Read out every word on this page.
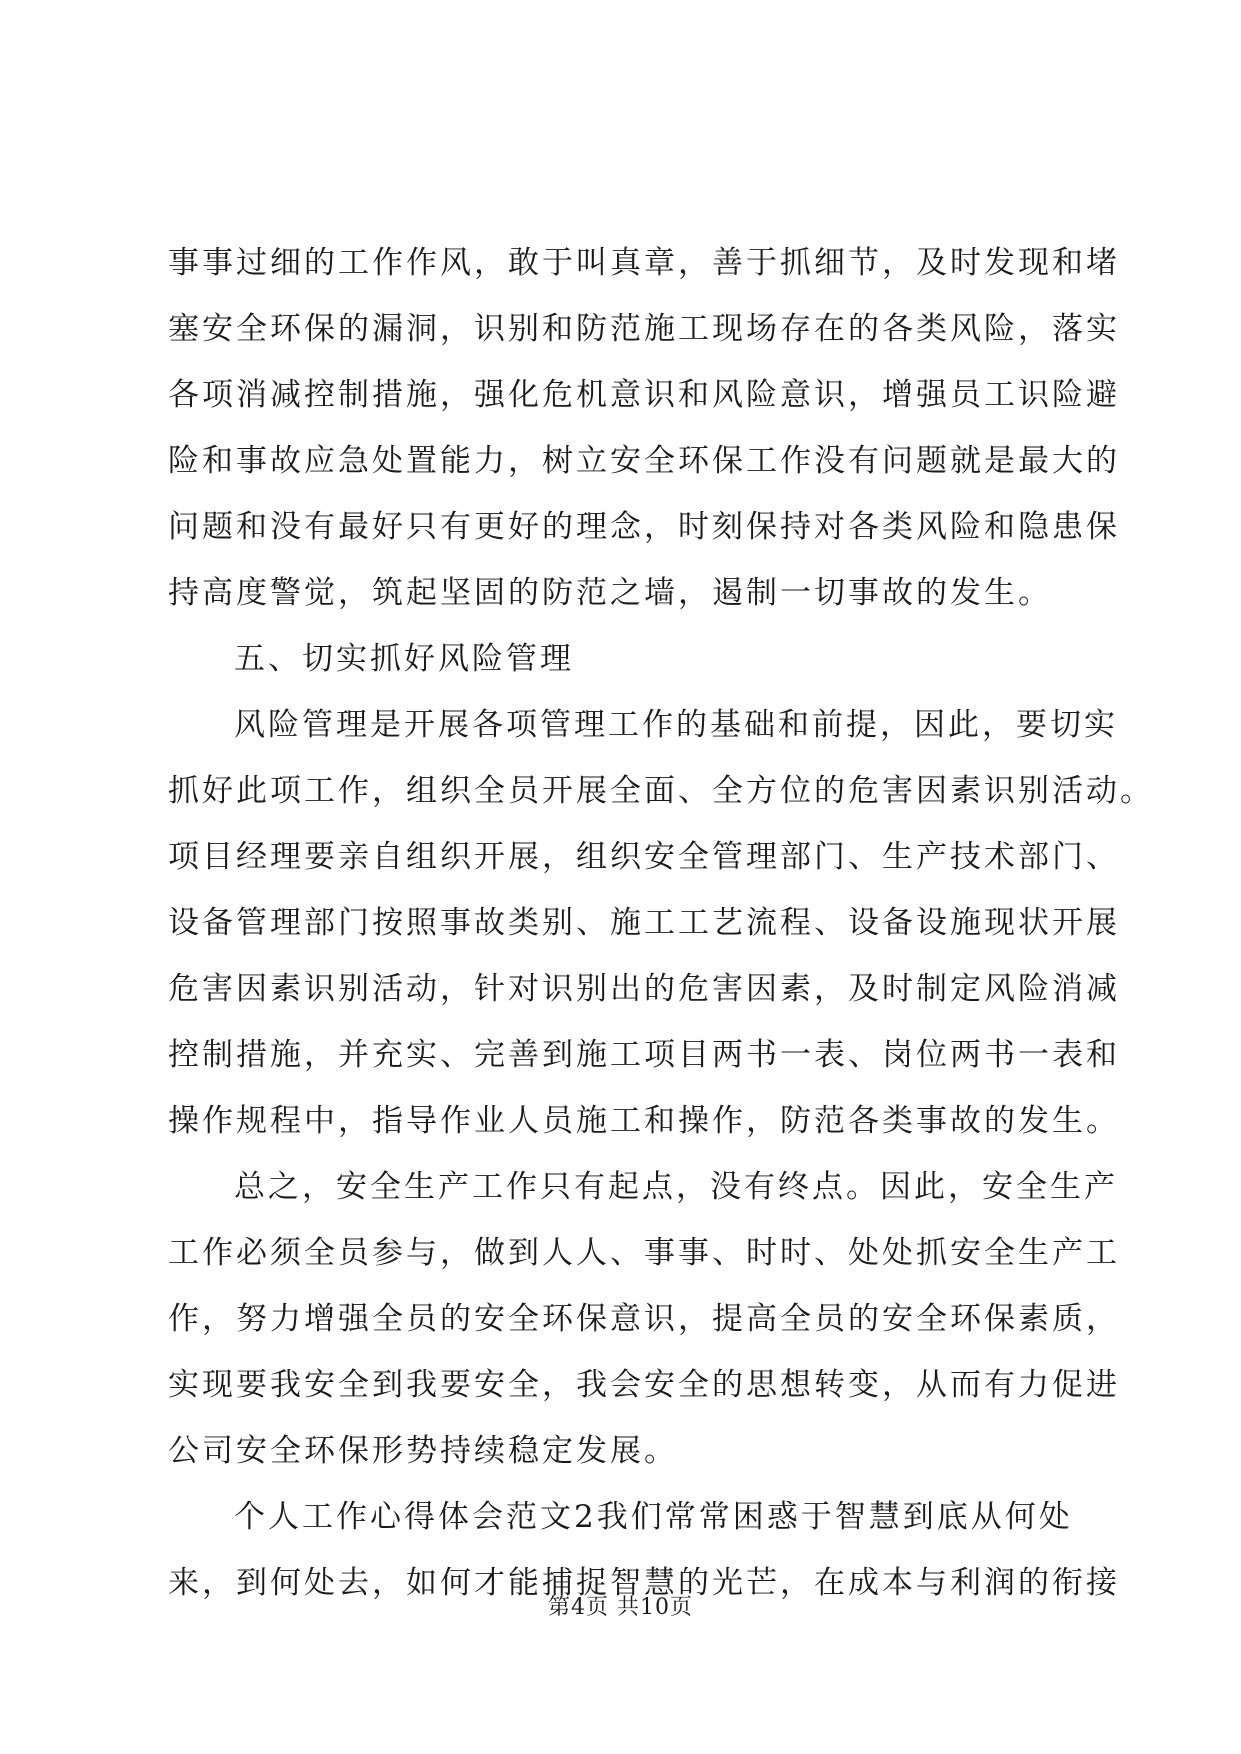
事事过细的工作作风，敢于叫真章，善于抓细节，及时发现和堵
塞安全环保的漏洞，识别和防范施工现场存在的各类风险，落实
各项消减控制措施，强化危机意识和风险意识，增强员工识险避
险和事故应急处置能力，树立安全环保工作没有问题就是最大的
问题和没有最好只有更好的理念，时刻保持对各类风险和隐患保
持高度警觉，筑起坚固的防范之墙，遏制一切事故的发生。
五、切实抓好风险管理
风险管理是开展各项管理工作的基础和前提，因此，要切实
抓好此项工作，组织全员开展全面、全方位的危害因素识别活动。
项目经理要亲自组织开展，组织安全管理部门、生产技术部门、
设备管理部门按照事故类别、施工工艺流程、设备设施现状开展
危害因素识别活动，针对识别出的危害因素，及时制定风险消减
控制措施，并充实、完善到施工项目两书一表、岗位两书一表和
操作规程中，指导作业人员施工和操作，防范各类事故的发生。
总之，安全生产工作只有起点，没有终点。因此，安全生产
工作必须全员参与，做到人人、事事、时时、处处抓安全生产工
作，努力增强全员的安全环保意识，提高全员的安全环保素质，
实现要我安全到我要安全，我会安全的思想转变，从而有力促进
公司安全环保形势持续稳定发展。
个人工作心得体会范文2我们常常困惑于智慧到底从何处
来，到何处去，如何才能捕捉智慧的光芒，在成本与利润的衔接
第4页 共10页
